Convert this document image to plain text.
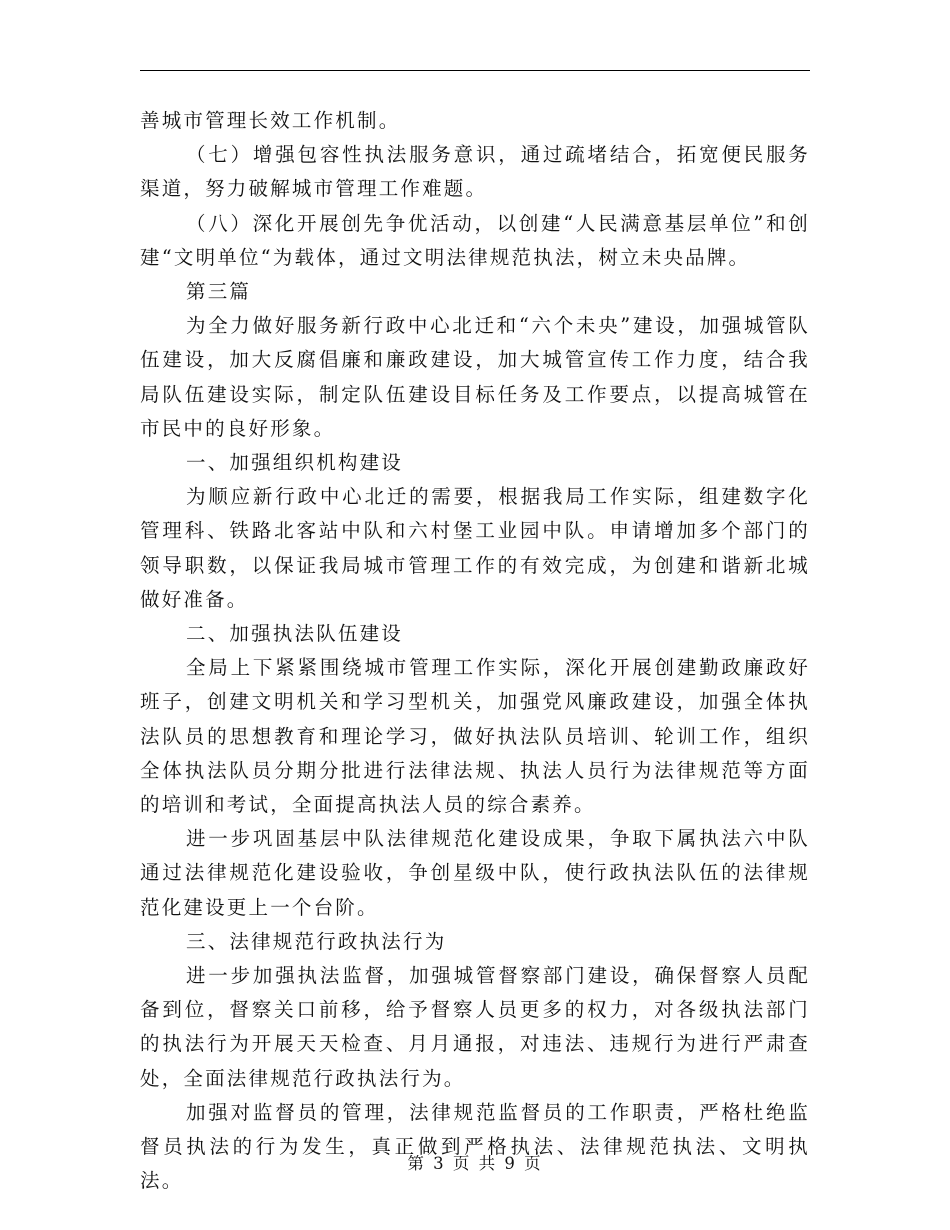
善城市管理长效工作机制。

（七）增强包容性执法服务意识，通过疏堵结合，拓宽便民服务渠道，努力破解城市管理工作难题。

（八）深化开展创先争优活动，以创建“人民满意基层单位”和创建“文明单位“为载体，通过文明法律规范执法，树立未央品牌。

第三篇

为全力做好服务新行政中心北迁和“六个未央”建设，加强城管队伍建设，加大反腐倡廉和廉政建设，加大城管宣传工作力度，结合我局队伍建设实际，制定队伍建设目标任务及工作要点，以提高城管在市民中的良好形象。

一、加强组织机构建设

为顺应新行政中心北迁的需要，根据我局工作实际，组建数字化管理科、铁路北客站中队和六村堡工业园中队。申请增加多个部门的领导职数，以保证我局城市管理工作的有效完成，为创建和谐新北城做好准备。

二、加强执法队伍建设

全局上下紧紧围绕城市管理工作实际，深化开展创建勤政廉政好班子，创建文明机关和学习型机关，加强党风廉政建设，加强全体执法队员的思想教育和理论学习，做好执法队员培训、轮训工作，组织全体执法队员分期分批进行法律法规、执法人员行为法律规范等方面的培训和考试，全面提高执法人员的综合素养。

进一步巩固基层中队法律规范化建设成果，争取下属执法六中队通过法律规范化建设验收，争创星级中队，使行政执法队伍的法律规范化建设更上一个台阶。

三、法律规范行政执法行为

进一步加强执法监督，加强城管督察部门建设，确保督察人员配备到位，督察关口前移，给予督察人员更多的权力，对各级执法部门的执法行为开展天天检查、月月通报，对违法、违规行为进行严肃查处，全面法律规范行政执法行为。

加强对监督员的管理，法律规范监督员的工作职责，严格杜绝监督员执法的行为发生，真正做到严格执法、法律规范执法、文明执法。

第 3 页 共 9 页
